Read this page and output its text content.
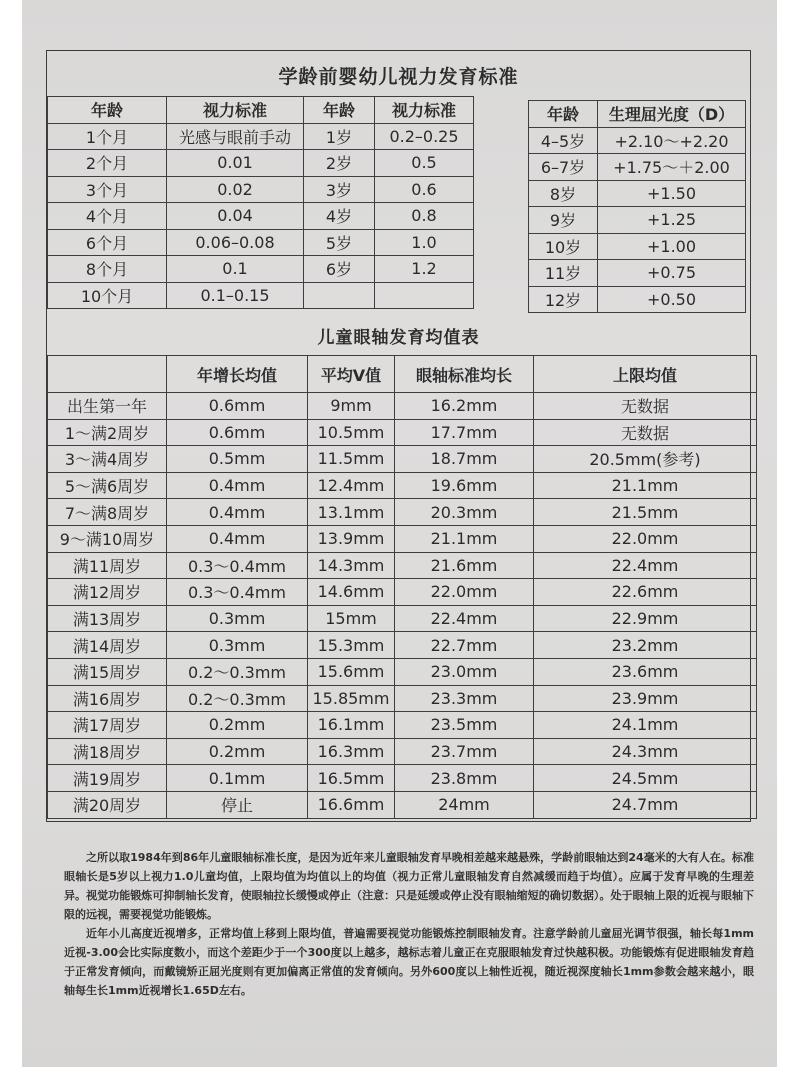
学龄前婴幼儿视力发育标准
年龄	视力标准	年龄	视力标准
1个月	光感与眼前手动	1岁	0.2–0.25
2个月	0.01	2岁	0.5
3个月	0.02	3岁	0.6
4个月	0.04	4岁	0.8
6个月	0.06–0.08	5岁	1.0
8个月	0.1	6岁	1.2
10个月	0.1–0.15		
年龄	生理屈光度（D）
4–5岁	+2.10～+2.20
6–7岁	+1.75～＋2.00
8岁	+1.50
9岁	+1.25
10岁	+1.00
11岁	+0.75
12岁	+0.50
儿童眼轴发育均值表
	年增长均值	平均V值	眼轴标准均长	上限均值
出生第一年	0.6mm	9mm	16.2mm	无数据
1～满2周岁	0.6mm	10.5mm	17.7mm	无数据
3～满4周岁	0.5mm	11.5mm	18.7mm	20.5mm(参考)
5～满6周岁	0.4mm	12.4mm	19.6mm	21.1mm
7～满8周岁	0.4mm	13.1mm	20.3mm	21.5mm
9～满10周岁	0.4mm	13.9mm	21.1mm	22.0mm
满11周岁	0.3～0.4mm	14.3mm	21.6mm	22.4mm
满12周岁	0.3～0.4mm	14.6mm	22.0mm	22.6mm
满13周岁	0.3mm	15mm	22.4mm	22.9mm
满14周岁	0.3mm	15.3mm	22.7mm	23.2mm
满15周岁	0.2～0.3mm	15.6mm	23.0mm	23.6mm
满16周岁	0.2～0.3mm	15.85mm	23.3mm	23.9mm
满17周岁	0.2mm	16.1mm	23.5mm	24.1mm
满18周岁	0.2mm	16.3mm	23.7mm	24.3mm
满19周岁	0.1mm	16.5mm	23.8mm	24.5mm
满20周岁	停止	16.6mm	24mm	24.7mm

之所以取1984年到86年儿童眼轴标准长度，是因为近年来儿童眼轴发育早晚相差越来越悬殊，学龄前眼轴达到24毫米的大有人在。标准眼轴长是5岁以上视力1.0儿童均值，上限均值为均值以上的均值（视力正常儿童眼轴发育自然减缓而趋于均值）。应属于发育早晚的生理差异。视觉功能锻炼可抑制轴长发育，使眼轴拉长缓慢或停止（注意：只是延缓或停止没有眼轴缩短的确切数据）。处于眼轴上限的近视与眼轴下限的远视，需要视觉功能锻炼。

近年小儿高度近视增多，正常均值上移到上限均值，普遍需要视觉功能锻炼控制眼轴发育。注意学龄前儿童屈光调节很强，轴长每1mm近视-3.00会比实际度数小，而这个差距少于一个300度以上越多，越标志着儿童正在克服眼轴发育过快越积极。功能锻炼有促进眼轴发育趋于正常发育倾向，而戴镜矫正屈光度则有更加偏离正常值的发育倾向。另外600度以上轴性近视，随近视深度轴长1mm参数会越来越小，眼轴每生长1mm近视增长1.65D左右。
